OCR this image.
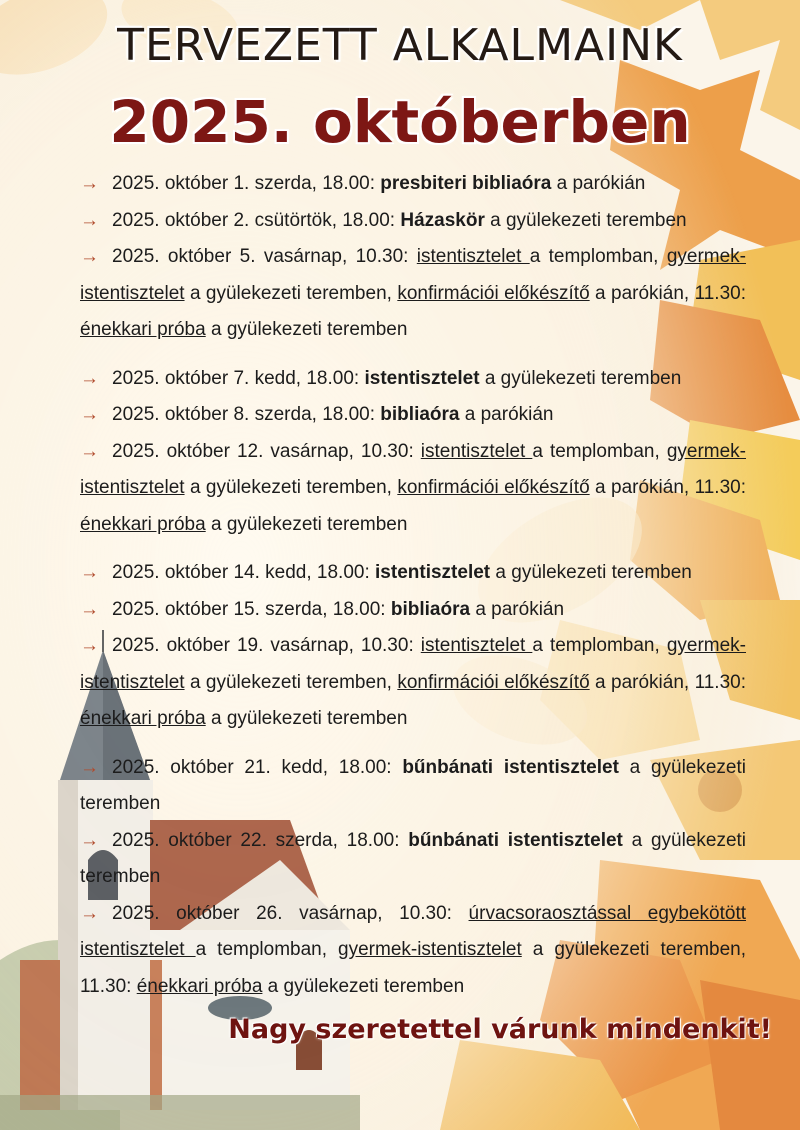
TERVEZETT ALKALMAINK
2025. októberben
→ 2025. október 1. szerda, 18.00: presbiteri bibliaóra a parókián
→ 2025. október 2. csütörtök, 18.00: Házaskör a gyülekezeti teremben
→ 2025. október 5. vasárnap, 10.30: istentisztelet a templomban, gyermek-istentisztelet a gyülekezeti teremben, konfirmációi előkészítő a parókián, 11.30: énekkari próba a gyülekezeti teremben
→ 2025. október 7. kedd, 18.00: istentisztelet a gyülekezeti teremben
→ 2025. október 8. szerda, 18.00: bibliaóra a parókián
→ 2025. október 12. vasárnap, 10.30: istentisztelet a templomban, gyermek-istentisztelet a gyülekezeti teremben, konfirmációi előkészítő a parókián, 11.30: énekkari próba a gyülekezeti teremben
→ 2025. október 14. kedd, 18.00: istentisztelet a gyülekezeti teremben
→ 2025. október 15. szerda, 18.00: bibliaóra a parókián
→ 2025. október 19. vasárnap, 10.30: istentisztelet a templomban, gyermek-istentisztelet a gyülekezeti teremben, konfirmációi előkészítő a parókián, 11.30: énekkari próba a gyülekezeti teremben
→ 2025. október 21. kedd, 18.00: bűnbánati istentisztelet a gyülekezeti teremben
→ 2025. október 22. szerda, 18.00: bűnbánati istentisztelet a gyülekezeti teremben
→ 2025. október 26. vasárnap, 10.30: úrvacsoraosztással egybekötött istentisztelet a templomban, gyermek-istentisztelet a gyülekezeti teremben, 11.30: énekkari próba a gyülekezeti teremben
Nagy szeretettel várunk mindenkit!
